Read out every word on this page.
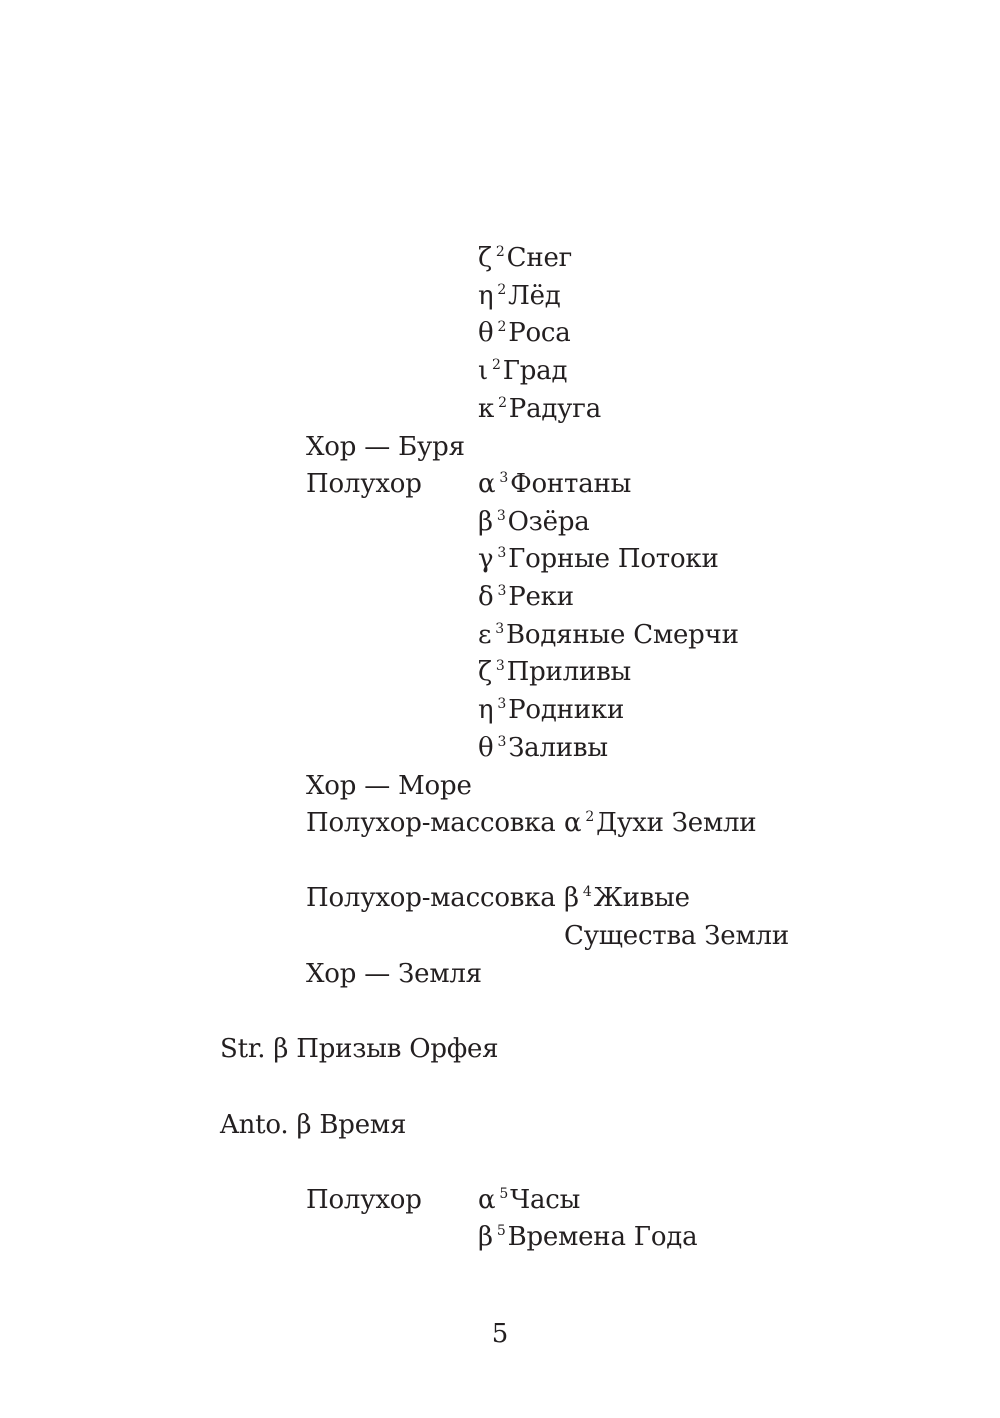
ζ $^2$Снег
η $^2$Лёд
θ $^2$Роса
ι $^2$Град
κ $^2$Радуга
Хор — Буря
Полухор α $^3$Фонтаны
β $^3$Озёра
γ $^3$Горные Потоки
δ $^3$Реки
ε $^3$Водяные Смерчи
ζ $^3$Приливы
η $^3$Родники
θ $^3$Заливы
Хор — Море
Полухор-массовка α $^2$Духи Земли
Полухор-массовка β $^4$Живые
Существа Земли
Хор — Земля
Str. β Призыв Орфея
Anto. β Время
Полухор α $^5$Часы
β $^5$Времена Года
5
